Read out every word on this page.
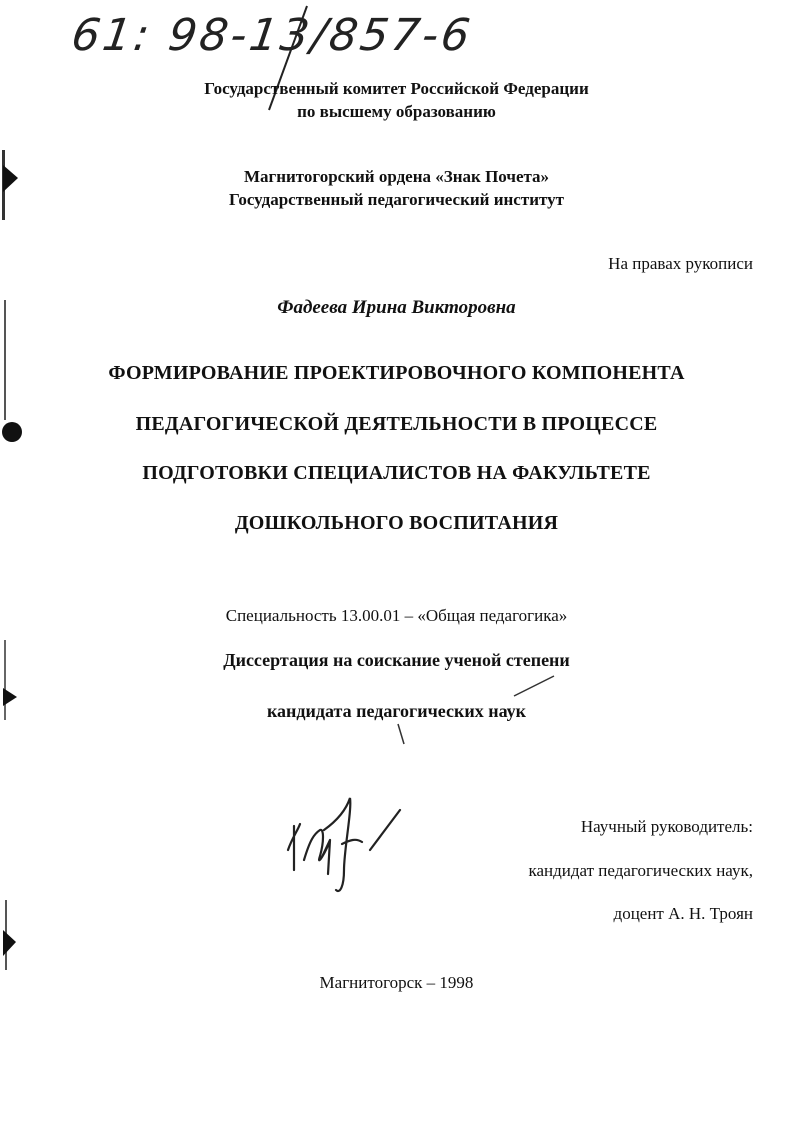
61: 98-13/857-6

Государственный комитет Российской Федерации

по высшему образованию

Магнитогорский ордена «Знак Почета»

Государственный педагогический институт

На правах рукописи

Фадеева Ирина Викторовна

ФОРМИРОВАНИЕ ПРОЕКТИРОВОЧНОГО КОМПОНЕНТА

ПЕДАГОГИЧЕСКОЙ ДЕЯТЕЛЬНОСТИ В ПРОЦЕССЕ

ПОДГОТОВКИ СПЕЦИАЛИСТОВ НА ФАКУЛЬТЕТЕ

ДОШКОЛЬНОГО ВОСПИТАНИЯ

Специальность 13.00.01 – «Общая педагогика»

Диссертация на соискание ученой степени

кандидата педагогических наук

Научный руководитель:

кандидат педагогических наук,

доцент А. Н. Троян

Магнитогорск – 1998
